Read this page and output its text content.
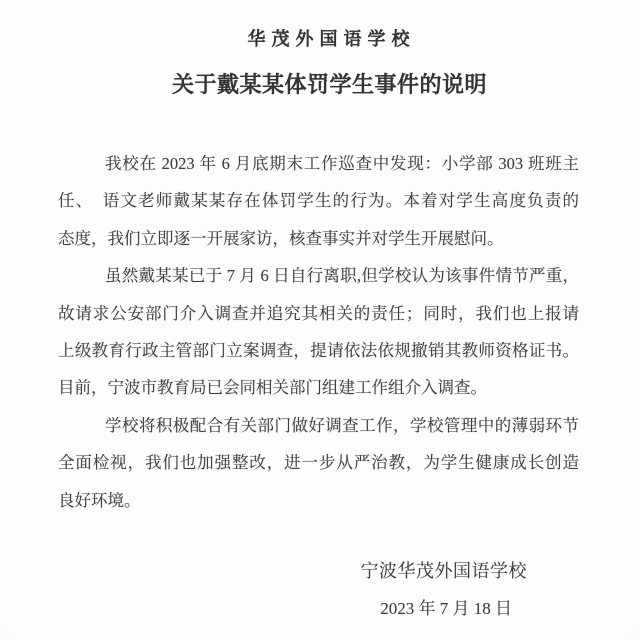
华茂外国语学校
关于戴某某体罚学生事件的说明
我校在 2023 年 6 月底期末工作巡查中发现：小学部 303 班班主
任、　语文老师戴某某存在体罚学生的行为。本着对学生高度负责的
态度，我们立即逐一开展家访，核查事实并对学生开展慰问。
虽然戴某某已于 7 月 6 日自行离职,但学校认为该事件情节严重，
故请求公安部门介入调查并追究其相关的责任；同时，我们也上报请
上级教育行政主管部门立案调查，提请依法依规撤销其教师资格证书。
目前，宁波市教育局已会同相关部门组建工作组介入调查。
学校将积极配合有关部门做好调查工作，学校管理中的薄弱环节
全面检视，我们也加强整改，进一步从严治教，为学生健康成长创造
良好环境。
宁波华茂外国语学校
2023 年 7 月 18 日
